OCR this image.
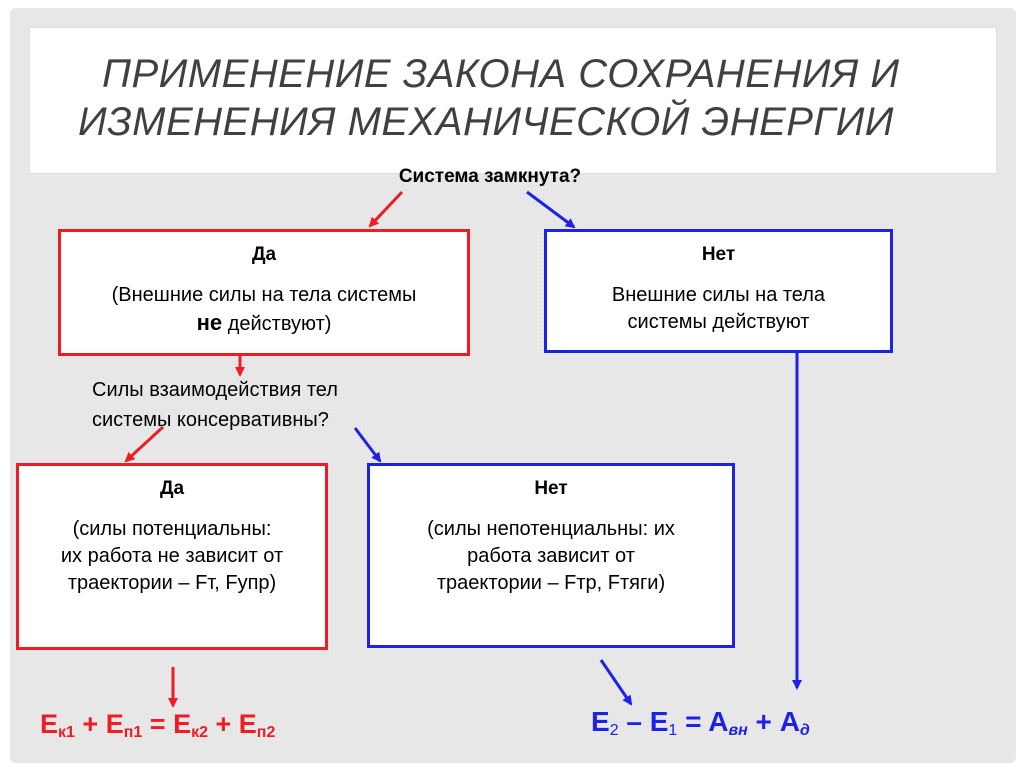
ПРИМЕНЕНИЕ ЗАКОНА СОХРАНЕНИЯ И
ИЗМЕНЕНИЯ МЕХАНИЧЕСКОЙ ЭНЕРГИИ
Система замкнута?
Да
(Внешние силы на тела системы
не действуют)
Нет
Внешние силы на тела
системы действуют
Силы взаимодействия тел
системы консервативны?
Да
(силы потенциальны:
их работа не зависит от
траектории – Fт, Fупр)
Нет
(силы непотенциальны: их
работа зависит от
траектории – Fтр, Fтяги)
$E_{к1} + E_{п1} = E_{к2} + E_{п2}$	$E_2 - E_1 = A_{вн} + A_д$
